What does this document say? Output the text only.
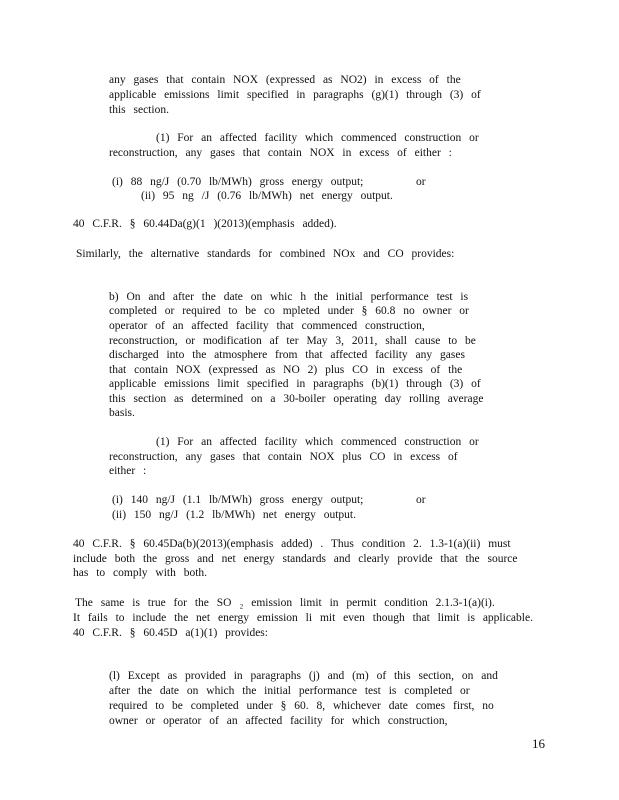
any gases that contain NOX (expressed as NO2) in excess of the
applicable emissions limit specified in paragraphs (g)(1) through (3) of
this section.
(1) For an affected facility which commenced construction or
reconstruction, any gases that contain NOX in excess of either :
(i) 88 ng/J (0.70 lb/MWh) gross energy output;	or
(ii) 95 ng /J (0.76 lb/MWh) net energy output.
40 C.F.R. § 60.44Da(g)(1 )(2013)(emphasis added).
Similarly, the alternative standards for combined NOx and CO provides:
b) On and after the date on whic h the initial performance test is
completed or required to be co mpleted under § 60.8 no owner or
operator of an affected facility that commenced construction,
reconstruction, or modification af ter May 3, 2011, shall cause to be
discharged into the atmosphere from that affected facility any gases
that contain NOX (expressed as NO 2) plus CO in excess of the
applicable emissions limit specified in paragraphs (b)(1) through (3) of
this section as determined on a 30-boiler operating day rolling average
basis.
(1) For an affected facility which commenced construction or
reconstruction, any gases that contain NOX plus CO in excess of
either :
(i) 140 ng/J (1.1 lb/MWh) gross energy output;	or
(ii) 150 ng/J (1.2 lb/MWh) net energy output.
40 C.F.R. § 60.45Da(b)(2013)(emphasis added) . Thus condition 2. 1.3-1(a)(ii) must
include both the gross and net energy standards and clearly provide that the source
has to comply with both.
The same is true for the SO ₂ emission limit in permit condition 2.1.3-1(a)(i).
It fails to include the net energy emission li mit even though that limit is applicable.
40 C.F.R. § 60.45D a(1)(1) provides:
(l) Except as provided in paragraphs (j) and (m) of this section, on and
after the date on which the initial performance test is completed or
required to be completed under § 60. 8, whichever date comes first, no
owner or operator of an affected facility for which construction,
16
